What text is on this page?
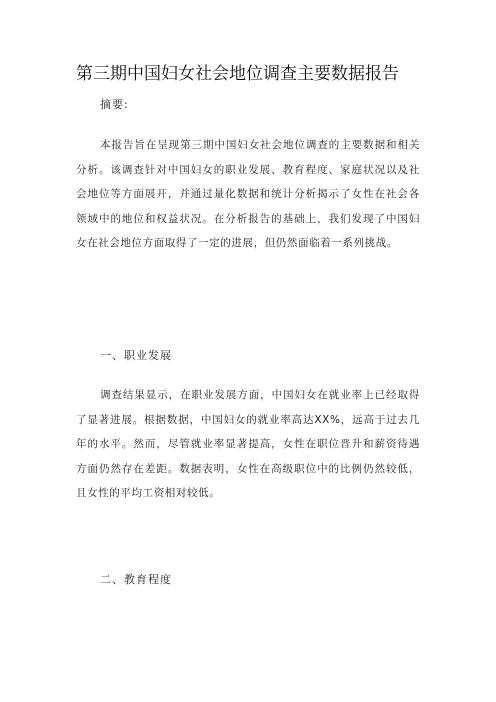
第三期中国妇女社会地位调查主要数据报告
摘要:

本报告旨在呈现第三期中国妇女社会地位调查的主要数据和相关分析。该调查针对中国妇女的职业发展、教育程度、家庭状况以及社会地位等方面展开，并通过量化数据和统计分析揭示了女性在社会各领域中的地位和权益状况。在分析报告的基础上，我们发现了中国妇女在社会地位方面取得了一定的进展，但仍然面临着一系列挑战。

一、职业发展

调查结果显示，在职业发展方面，中国妇女在就业率上已经取得了显著进展。根据数据，中国妇女的就业率高达XX%，远高于过去几年的水平。然而，尽管就业率显著提高，女性在职位晋升和薪资待遇方面仍然存在差距。数据表明，女性在高级职位中的比例仍然较低，且女性的平均工资相对较低。

二、教育程度
